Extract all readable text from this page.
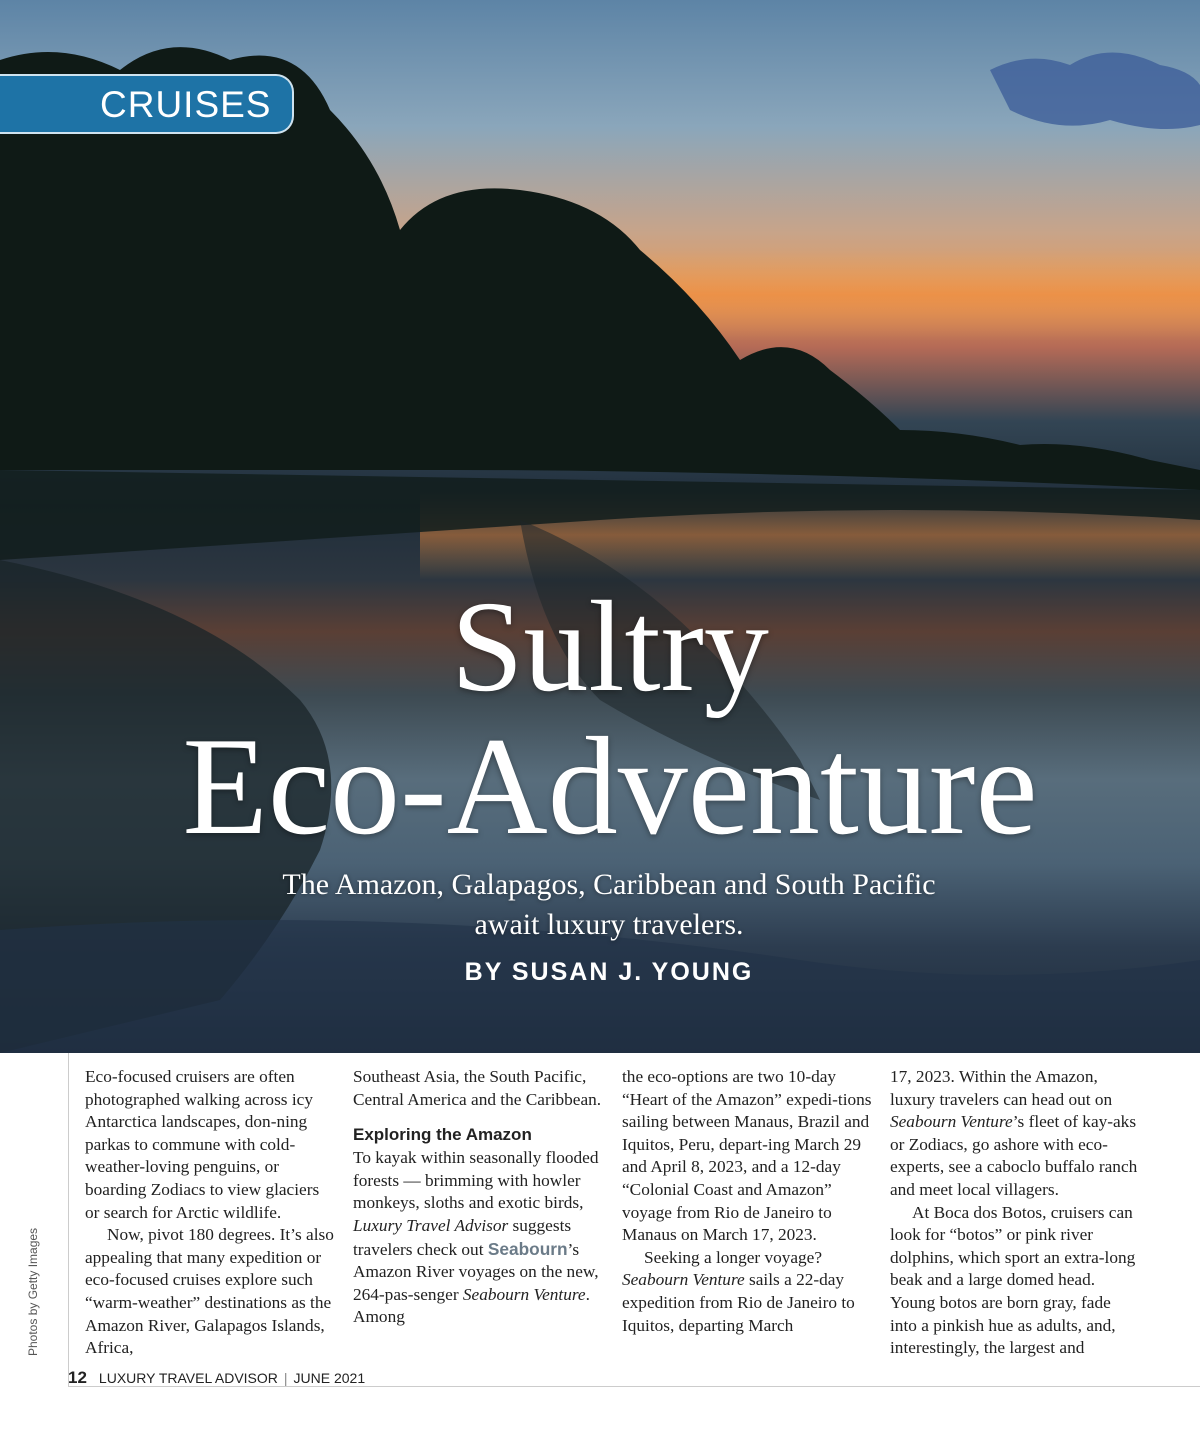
CRUISES
Sultry
Eco-Adventure
The Amazon, Galapagos, Caribbean and South Pacific
await luxury travelers.
BY SUSAN J. YOUNG
Photos by Getty Images

Eco-focused cruisers are often photographed walking across icy Antarctica landscapes, don-ning parkas to commune with cold-weather-loving penguins, or boarding Zodiacs to view glaciers or search for Arctic wildlife.

Now, pivot 180 degrees. It’s also appealing that many expedition or eco-focused cruises explore such “warm-weather” destinations as the Amazon River, Galapagos Islands, Africa,

Southeast Asia, the South Pacific, Central America and the Caribbean.

Exploring the Amazon

To kayak within seasonally flooded forests — brimming with howler monkeys, sloths and exotic birds, Luxury Travel Advisor suggests travelers check out Seabourn’s Amazon River voyages on the new, 264-pas-senger Seabourn Venture. Among

the eco-options are two 10-day “Heart of the Amazon” expedi-tions sailing between Manaus, Brazil and Iquitos, Peru, depart-ing March 29 and April 8, 2023, and a 12-day “Colonial Coast and Amazon” voyage from Rio de Janeiro to Manaus on March 17, 2023.

Seeking a longer voyage? Seabourn Venture sails a 22-day expedition from Rio de Janeiro to Iquitos, departing March

17, 2023. Within the Amazon, luxury travelers can head out on Seabourn Venture’s fleet of kay-aks or Zodiacs, go ashore with eco-experts, see a caboclo buffalo ranch and meet local villagers.

At Boca dos Botos, cruisers can look for “botos” or pink river dolphins, which sport an extra-long beak and a large domed head. Young botos are born gray, fade into a pinkish hue as adults, and, interestingly, the largest and

12 LUXURY TRAVEL ADVISOR | JUNE 2021
